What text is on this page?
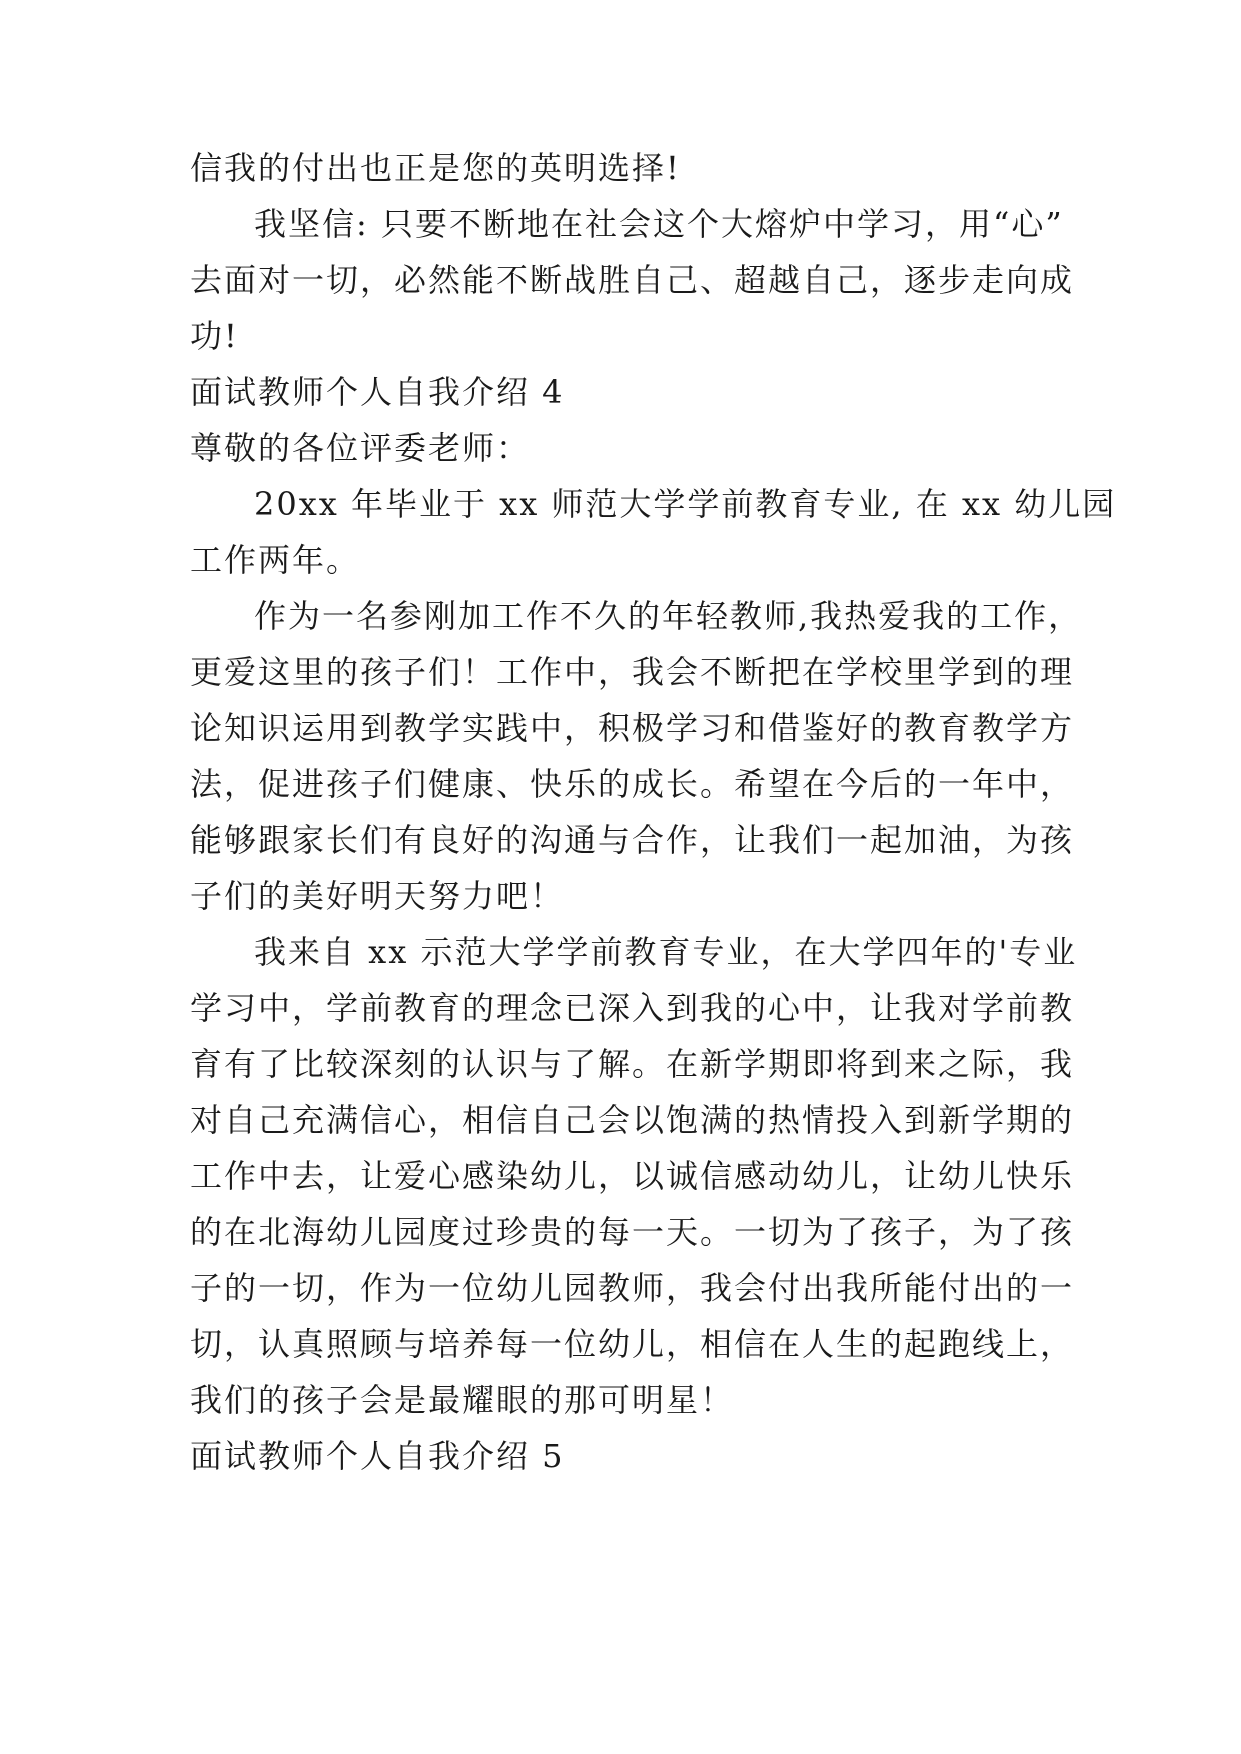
信我的付出也正是您的英明选择!
我坚信: 只要不断地在社会这个大熔炉中学习，用“心”
去面对一切，必然能不断战胜自己、超越自己，逐步走向成
功!
面试教师个人自我介绍 4
尊敬的各位评委老师：
20xx 年毕业于 xx 师范大学学前教育专业, 在 xx 幼儿园
工作两年。
作为一名参刚加工作不久的年轻教师,我热爱我的工作，
更爱这里的孩子们！工作中，我会不断把在学校里学到的理
论知识运用到教学实践中，积极学习和借鉴好的教育教学方
法，促进孩子们健康、快乐的成长。希望在今后的一年中，
能够跟家长们有良好的沟通与合作，让我们一起加油，为孩
子们的美好明天努力吧！
我来自 xx 示范大学学前教育专业，在大学四年的'专业
学习中，学前教育的理念已深入到我的心中，让我对学前教
育有了比较深刻的认识与了解。在新学期即将到来之际，我
对自己充满信心，相信自己会以饱满的热情投入到新学期的
工作中去，让爱心感染幼儿，以诚信感动幼儿，让幼儿快乐
的在北海幼儿园度过珍贵的每一天。一切为了孩子，为了孩
子的一切，作为一位幼儿园教师，我会付出我所能付出的一
切，认真照顾与培养每一位幼儿，相信在人生的起跑线上，
我们的孩子会是最耀眼的那可明星！
面试教师个人自我介绍 5
